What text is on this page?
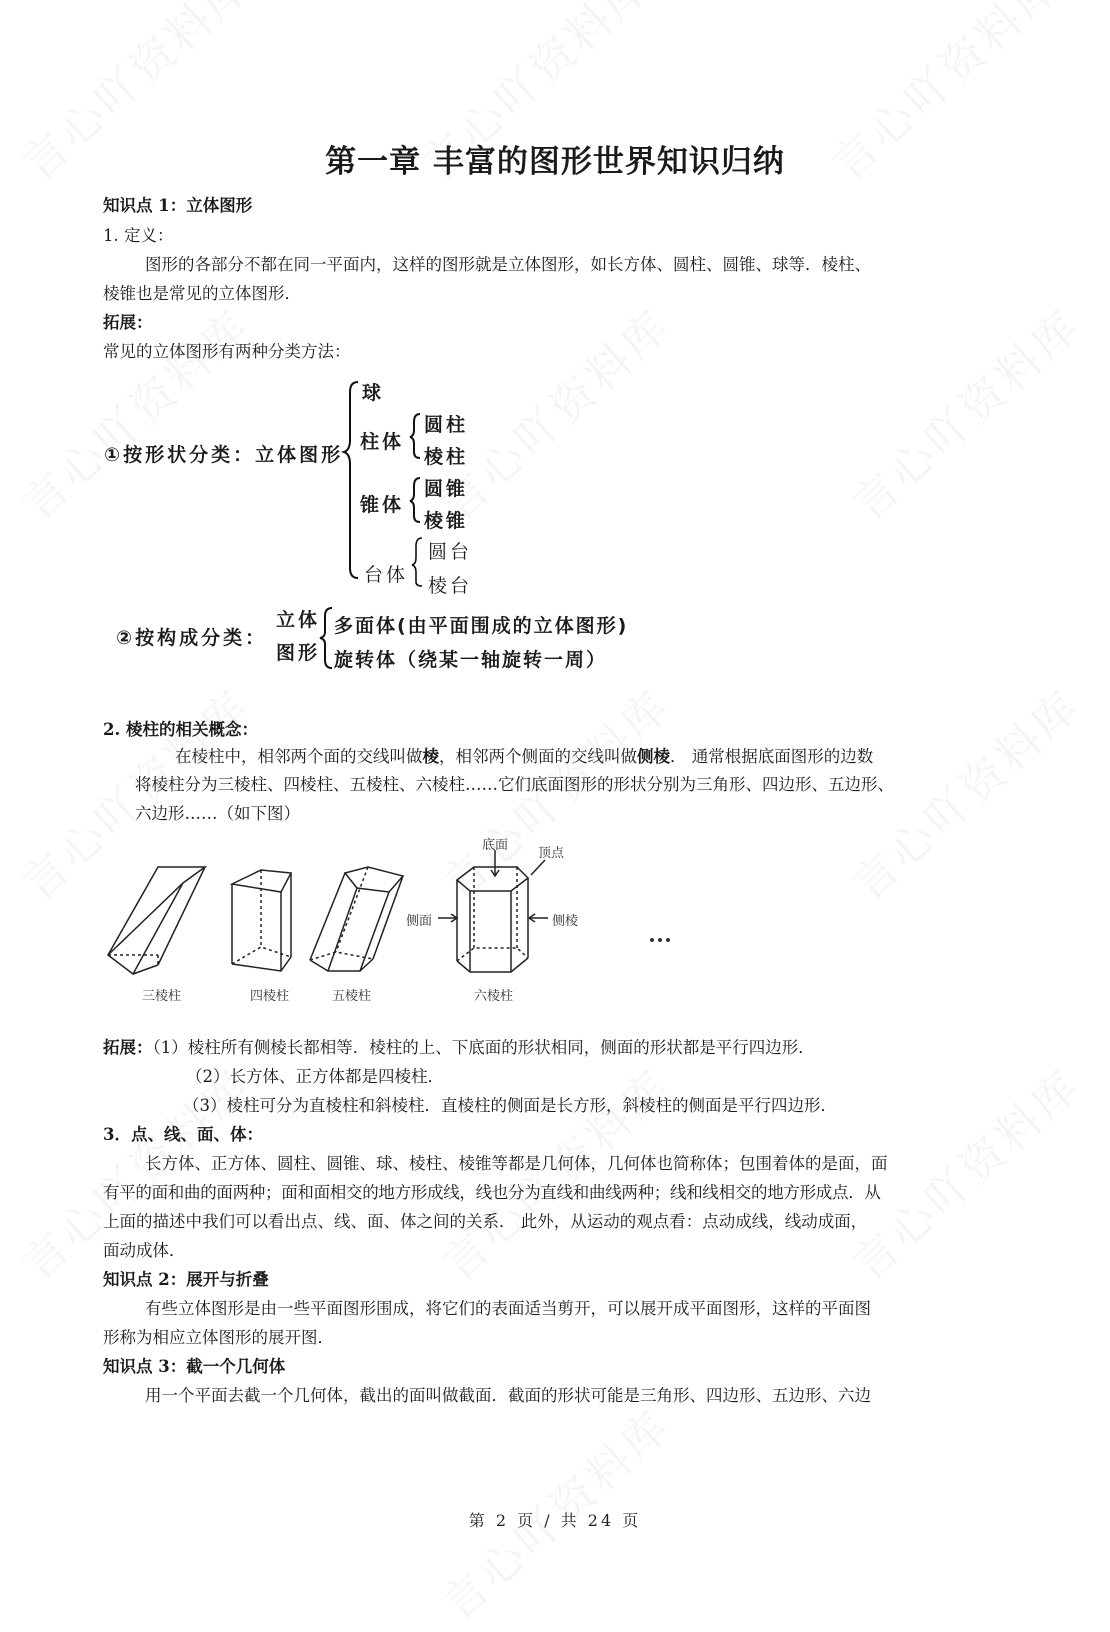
第一章 丰富的图形世界知识归纳
知识点 1：立体图形
1. 定义：
图形的各部分不都在同一平面内，这样的图形就是立体图形，如长方体、圆柱、圆锥、球等．棱柱、
棱锥也是常见的立体图形．
拓展：
常见的立体图形有两种分类方法：
①按形状分类：立体图形
球
柱体
圆柱
棱柱
锥体
圆锥
棱锥
台体
圆台
棱台
②按构成分类：
立体
图形
多面体(由平面围成的立体图形)
旋转体（绕某一轴旋转一周）
2. 棱柱的相关概念：
在棱柱中，相邻两个面的交线叫做棱，相邻两个侧面的交线叫做侧棱． 通常根据底面图形的边数
将棱柱分为三棱柱、四棱柱、五棱柱、六棱柱……它们底面图形的形状分别为三角形、四边形、五边形、
六边形……（如下图）
底面
顶点
侧面	侧棱
三棱柱	四棱柱	五棱柱	六棱柱
拓展：（1）棱柱所有侧棱长都相等．棱柱的上、下底面的形状相同，侧面的形状都是平行四边形．
（2）长方体、正方体都是四棱柱．
（3）棱柱可分为直棱柱和斜棱柱．直棱柱的侧面是长方形，斜棱柱的侧面是平行四边形．
3．点、线、面、体：
长方体、正方体、圆柱、圆锥、球、棱柱、棱锥等都是几何体，几何体也简称体；包围着体的是面，面
有平的面和曲的面两种；面和面相交的地方形成线，线也分为直线和曲线两种；线和线相交的地方形成点．从
上面的描述中我们可以看出点、线、面、体之间的关系． 此外，从运动的观点看：点动成线，线动成面，
面动成体．
知识点 2：展开与折叠
有些立体图形是由一些平面图形围成，将它们的表面适当剪开，可以展开成平面图形，这样的平面图
形称为相应立体图形的展开图．
知识点 3：截一个几何体
用一个平面去截一个几何体，截出的面叫做截面．截面的形状可能是三角形、四边形、五边形、六边
第 2 页 / 共 24 页
